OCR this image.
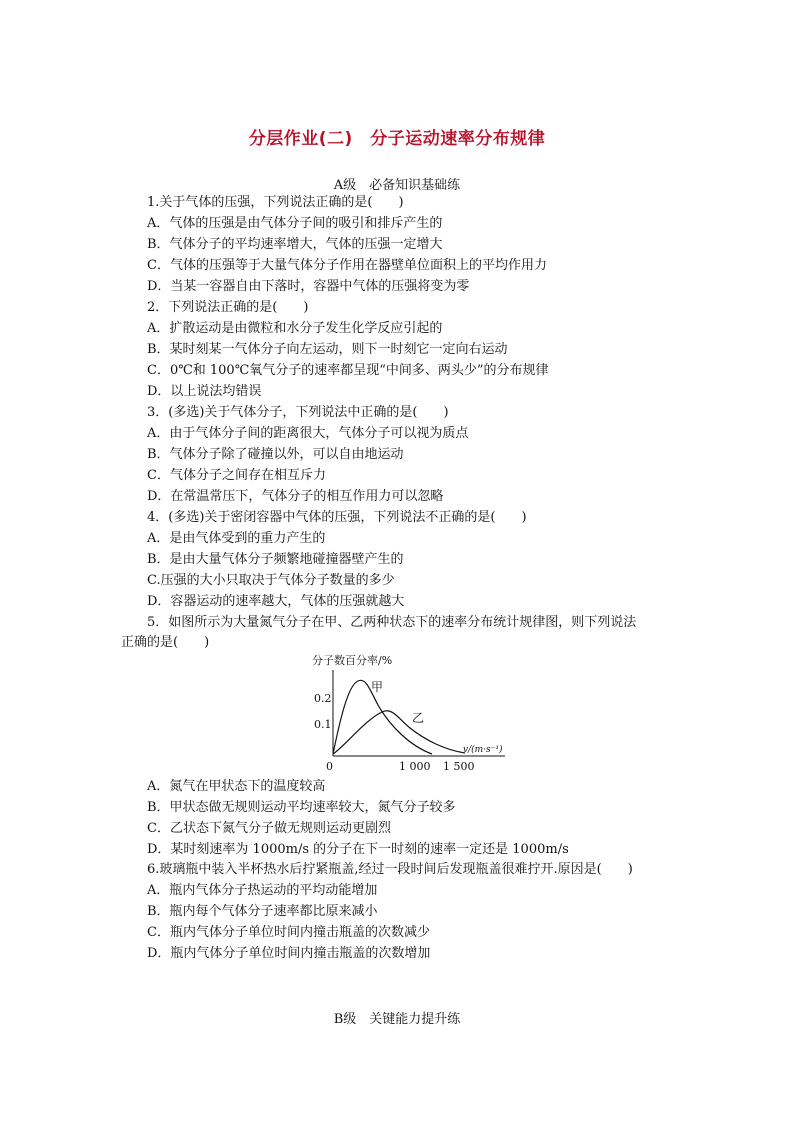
分层作业(二)　分子运动速率分布规律
A级　必备知识基础练
1.关于气体的压强，下列说法正确的是(　　)
A．气体的压强是由气体分子间的吸引和排斥产生的
B．气体分子的平均速率增大，气体的压强一定增大
C．气体的压强等于大量气体分子作用在器壁单位面积上的平均作用力
D．当某一容器自由下落时，容器中气体的压强将变为零
2．下列说法正确的是(　　)
A．扩散运动是由微粒和水分子发生化学反应引起的
B．某时刻某一气体分子向左运动，则下一时刻它一定向右运动
C．0℃和 100℃氧气分子的速率都呈现“中间多、两头少”的分布规律
D．以上说法均错误
3．(多选)关于气体分子，下列说法中正确的是(　　)
A．由于气体分子间的距离很大，气体分子可以视为质点
B．气体分子除了碰撞以外，可以自由地运动
C．气体分子之间存在相互斥力
D．在常温常压下，气体分子的相互作用力可以忽略
4．(多选)关于密闭容器中气体的压强，下列说法不正确的是(　　)
A．是由气体受到的重力产生的
B．是由大量气体分子频繁地碰撞器壁产生的
C.压强的大小只取决于气体分子数量的多少
D．容器运动的速率越大，气体的压强就越大
5．如图所示为大量氮气分子在甲、乙两种状态下的速率分布统计规律图，则下列说法
正确的是(　　)
分子数百分率/%
0.2
0.1
0	1 000 1 500
v/(m·s⁻¹)
甲
乙
A．氮气在甲状态下的温度较高
B．甲状态做无规则运动平均速率较大，氮气分子较多
C．乙状态下氮气分子做无规则运动更剧烈
D．某时刻速率为 1000m/s 的分子在下一时刻的速率一定还是 1000m/s
6.玻璃瓶中装入半杯热水后拧紧瓶盖,经过一段时间后发现瓶盖很难拧开.原因是(　　)
A．瓶内气体分子热运动的平均动能增加
B．瓶内每个气体分子速率都比原来减小
C．瓶内气体分子单位时间内撞击瓶盖的次数减少
D．瓶内气体分子单位时间内撞击瓶盖的次数增加
B级　关键能力提升练
